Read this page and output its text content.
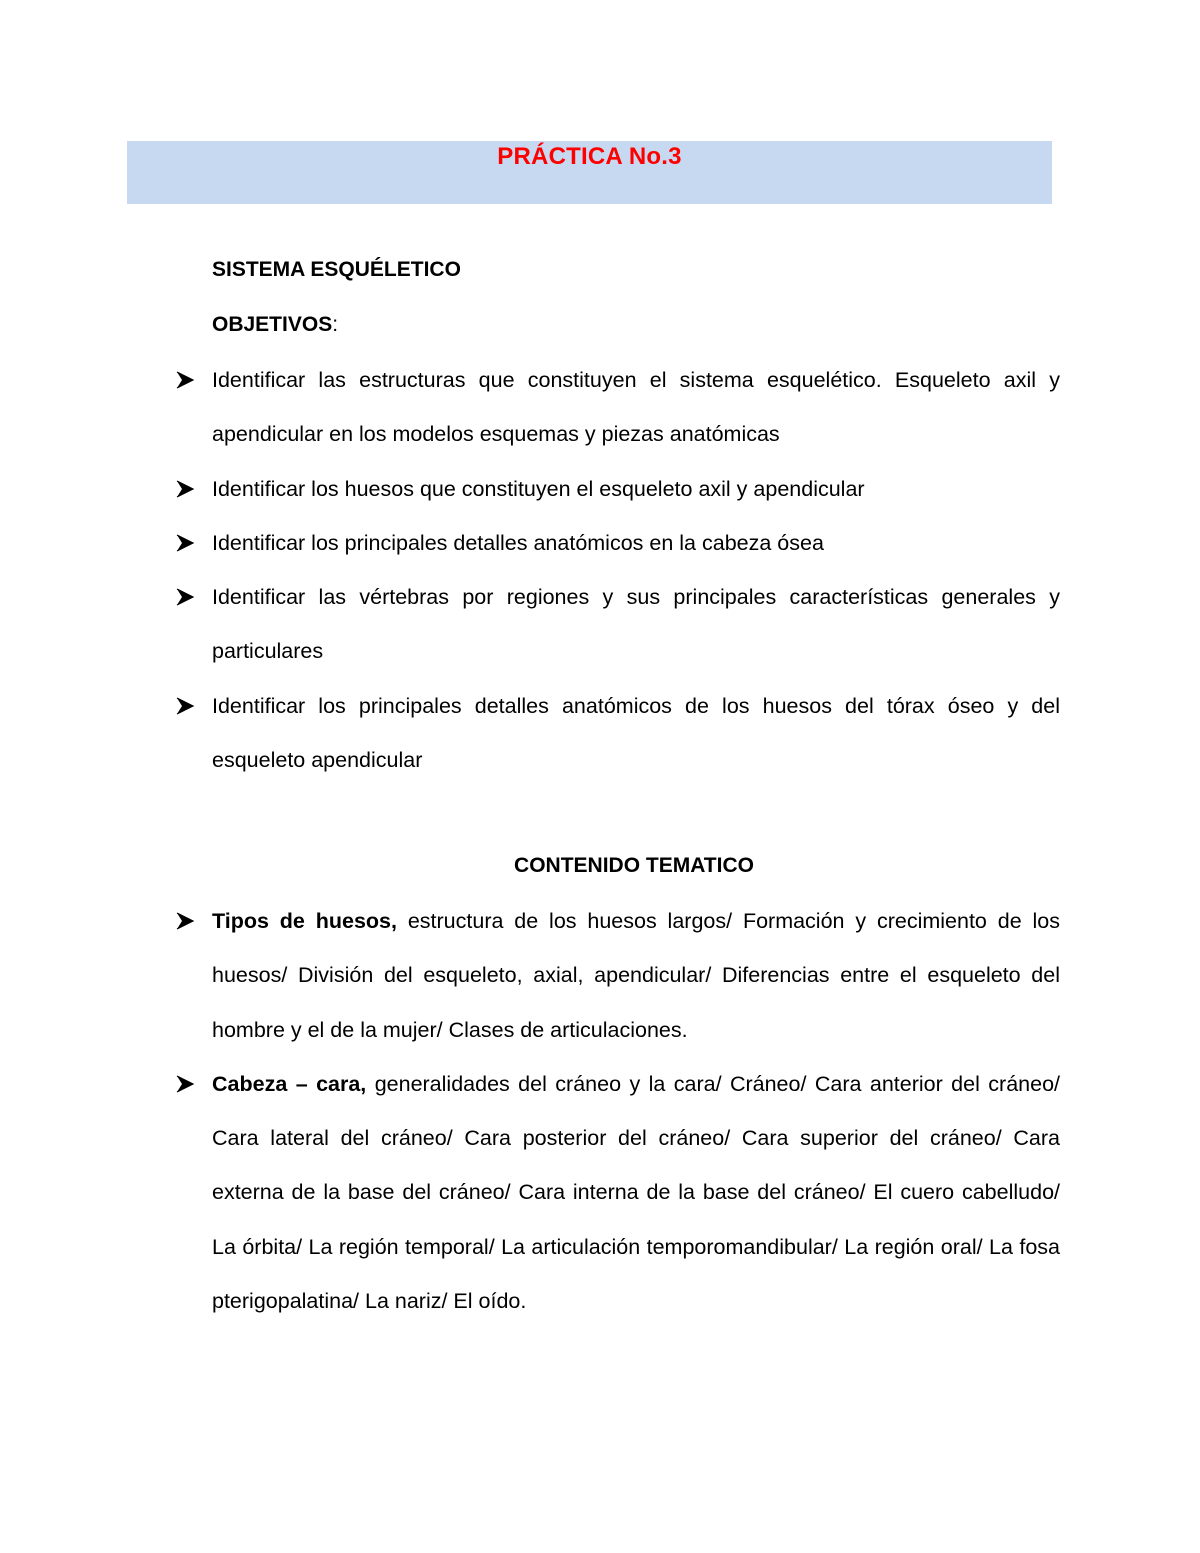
PRÁCTICA No.3
SISTEMA ESQUÉLETICO
OBJETIVOS:
Identificar las estructuras que constituyen el sistema esquelético. Esqueleto axil y apendicular en los modelos esquemas y piezas anatómicas
Identificar los huesos que constituyen el esqueleto axil y apendicular
Identificar los principales detalles anatómicos en la cabeza ósea
Identificar las vértebras por regiones y sus principales características generales y particulares
Identificar los principales detalles anatómicos de los huesos del tórax óseo y del esqueleto apendicular
CONTENIDO TEMATICO
Tipos de huesos, estructura de los huesos largos/ Formación y crecimiento de los huesos/ División del esqueleto, axial, apendicular/ Diferencias entre el esqueleto del hombre y el de la mujer/ Clases de articulaciones.
Cabeza – cara, generalidades del cráneo y la cara/ Cráneo/ Cara anterior del cráneo/ Cara lateral del cráneo/ Cara posterior del cráneo/ Cara superior del cráneo/ Cara externa de la base del cráneo/ Cara interna de la base del cráneo/ El cuero cabelludo/ La órbita/ La región temporal/ La articulación temporomandibular/ La región oral/ La fosa pterigopalatina/ La nariz/ El oído.
